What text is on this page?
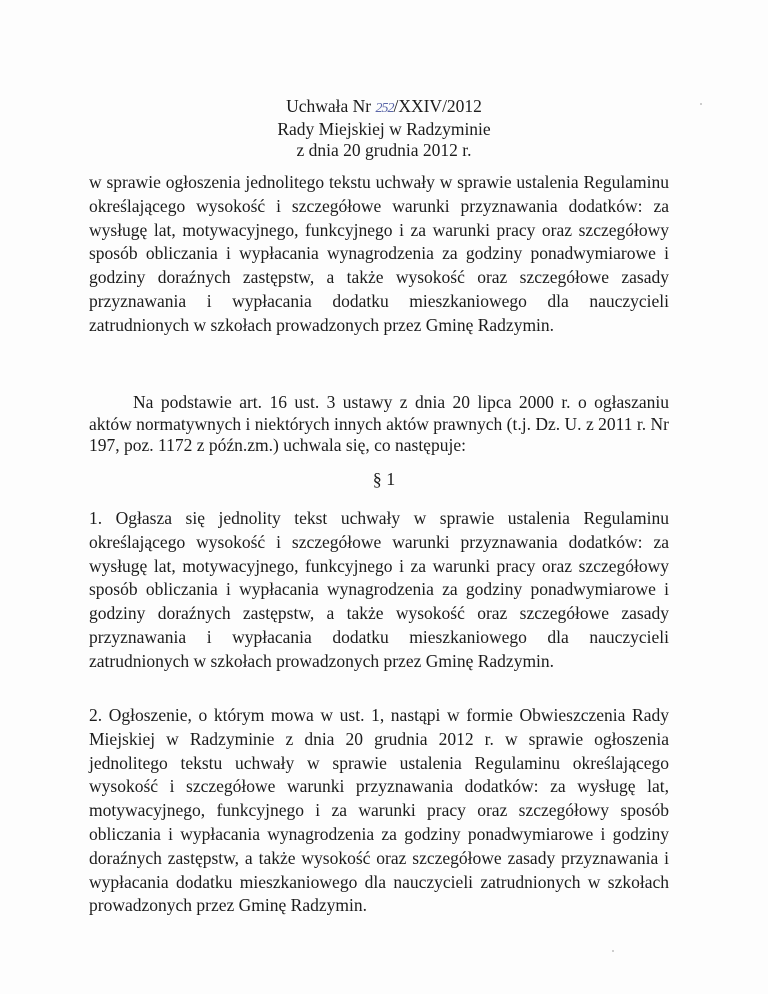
Uchwała Nr 252/XXIV/2012
Rady Miejskiej w Radzyminie
z dnia 20 grudnia 2012 r.

w sprawie ogłoszenia jednolitego tekstu uchwały w sprawie ustalenia Regulaminu określającego wysokość i szczegółowe warunki przyznawania dodatków: za wysługę lat, motywacyjnego, funkcyjnego i za warunki pracy oraz szczegółowy sposób obliczania i wypłacania wynagrodzenia za godziny ponadwymiarowe i godziny doraźnych zastępstw, a także wysokość oraz szczegółowe zasady przyznawania i wypłacania dodatku mieszkaniowego dla nauczycieli zatrudnionych w szkołach prowadzonych przez Gminę Radzymin.

Na podstawie art. 16 ust. 3 ustawy z dnia 20 lipca 2000 r. o ogłaszaniu aktów normatywnych i niektórych innych aktów prawnych (t.j. Dz. U. z 2011 r. Nr 197, poz. 1172 z późn.zm.) uchwala się, co następuje:

§ 1

1. Ogłasza się jednolity tekst uchwały w sprawie ustalenia Regulaminu określającego wysokość i szczegółowe warunki przyznawania dodatków: za wysługę lat, motywacyjnego, funkcyjnego i za warunki pracy oraz szczegółowy sposób obliczania i wypłacania wynagrodzenia za godziny ponadwymiarowe i godziny doraźnych zastępstw, a także wysokość oraz szczegółowe zasady przyznawania i wypłacania dodatku mieszkaniowego dla nauczycieli zatrudnionych w szkołach prowadzonych przez Gminę Radzymin.

2. Ogłoszenie, o którym mowa w ust. 1, nastąpi w formie Obwieszczenia Rady Miejskiej w Radzyminie z dnia 20 grudnia 2012 r. w sprawie ogłoszenia jednolitego tekstu uchwały w sprawie ustalenia Regulaminu określającego wysokość i szczegółowe warunki przyznawania dodatków: za wysługę lat, motywacyjnego, funkcyjnego i za warunki pracy oraz szczegółowy sposób obliczania i wypłacania wynagrodzenia za godziny ponadwymiarowe i godziny doraźnych zastępstw, a także wysokość oraz szczegółowe zasady przyznawania i wypłacania dodatku mieszkaniowego dla nauczycieli zatrudnionych w szkołach prowadzonych przez Gminę Radzymin.
